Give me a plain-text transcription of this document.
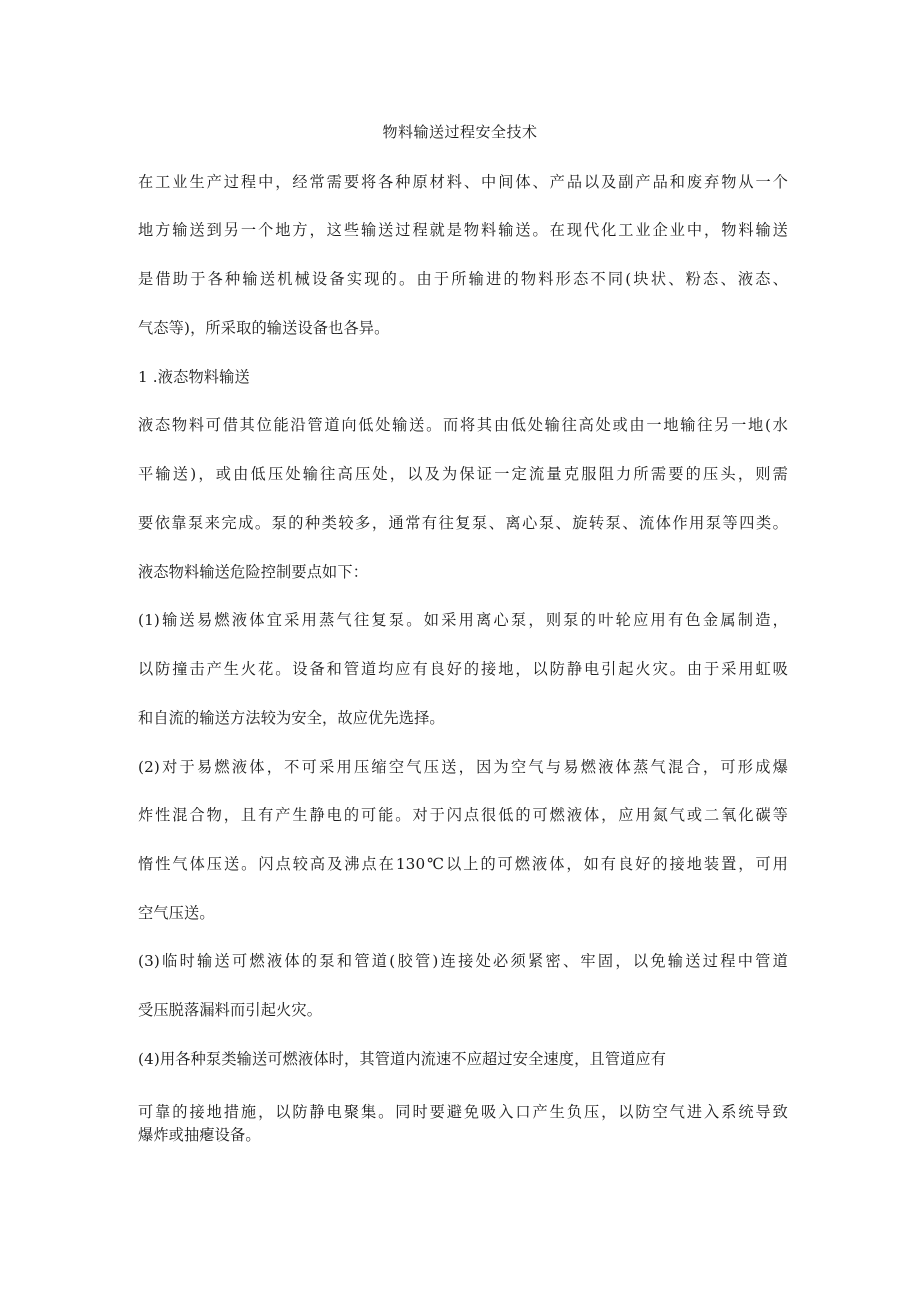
物料输送过程安全技术
在工业生产过程中，经常需要将各种原材料、中间体、产品以及副产品和废弃物从一个
地方输送到另一个地方，这些输送过程就是物料输送。在现代化工业企业中，物料输送
是借助于各种输送机械设备实现的。由于所输进的物料形态不同(块状、粉态、液态、
气态等)，所采取的输送设备也各异。
1 .液态物料输送
液态物料可借其位能沿管道向低处输送。而将其由低处输往高处或由一地输往另一地(水
平输送)，或由低压处输往高压处，以及为保证一定流量克服阻力所需要的压头，则需
要依靠泵来完成。泵的种类较多，通常有往复泵、离心泵、旋转泵、流体作用泵等四类。
液态物料输送危险控制要点如下：
(1)输送易燃液体宜采用蒸气往复泵。如采用离心泵，则泵的叶轮应用有色金属制造，
以防撞击产生火花。设备和管道均应有良好的接地，以防静电引起火灾。由于采用虹吸
和自流的输送方法较为安全，故应优先选择。
(2)对于易燃液体，不可采用压缩空气压送，因为空气与易燃液体蒸气混合，可形成爆
炸性混合物，且有产生静电的可能。对于闪点很低的可燃液体，应用氮气或二氧化碳等
惰性气体压送。闪点较高及沸点在130℃以上的可燃液体，如有良好的接地装置，可用
空气压送。
(3)临时输送可燃液体的泵和管道(胶管)连接处必须紧密、牢固，以免输送过程中管道
受压脱落漏料而引起火灾。
(4)用各种泵类输送可燃液体时，其管道内流速不应超过安全速度，且管道应有
可靠的接地措施，以防静电聚集。同时要避免吸入口产生负压，以防空气进入系统导致
爆炸或抽瘪设备。
